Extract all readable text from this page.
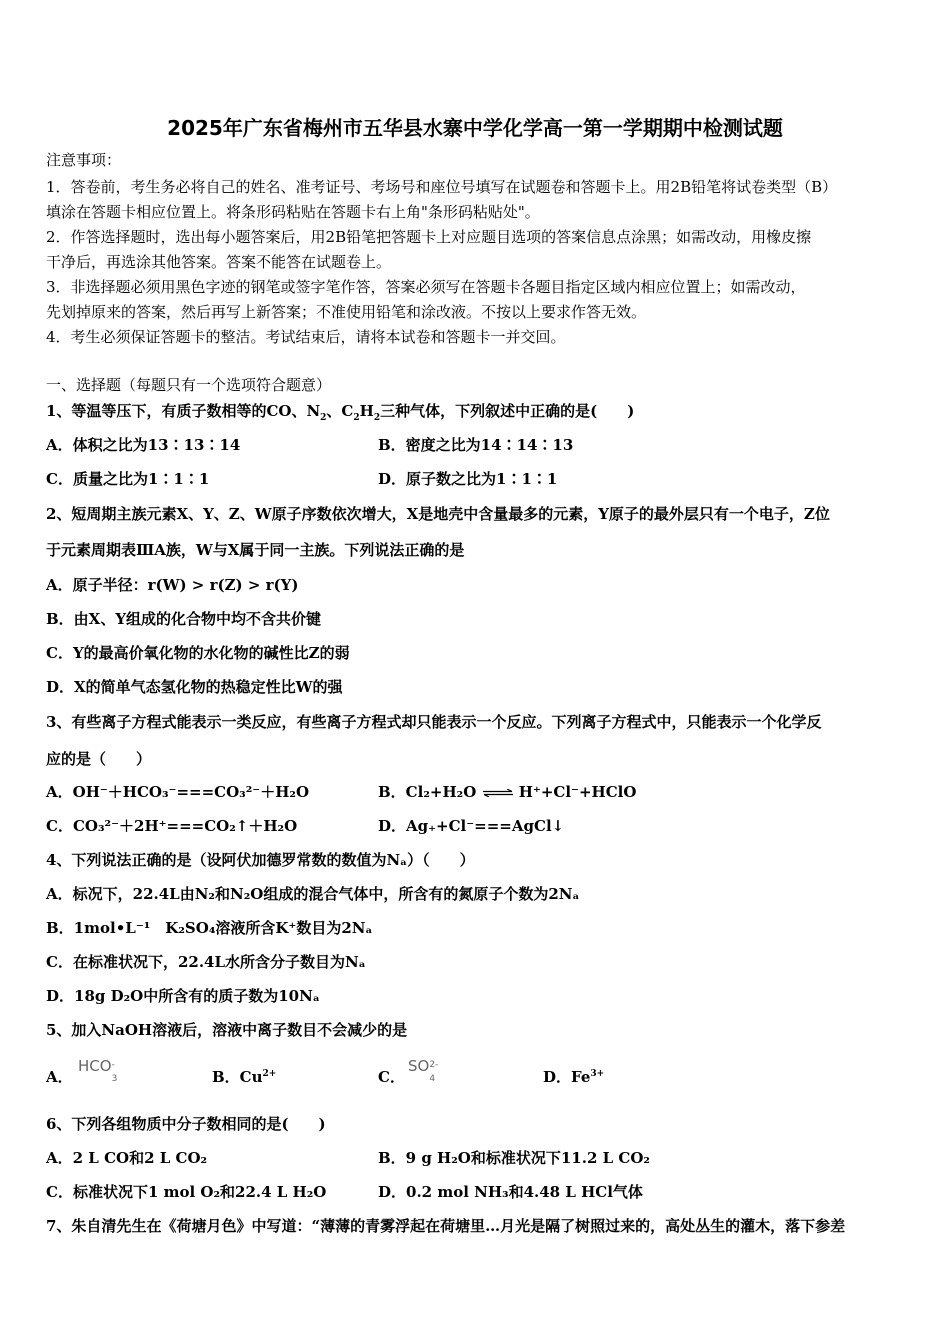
2025年广东省梅州市五华县水寨中学化学高一第一学期期中检测试题
注意事项：
1．答卷前，考生务必将自己的姓名、准考证号、考场号和座位号填写在试题卷和答题卡上。用2B铅笔将试卷类型（B）
填涂在答题卡相应位置上。将条形码粘贴在答题卡右上角"条形码粘贴处"。
2．作答选择题时，选出每小题答案后，用2B铅笔把答题卡上对应题目选项的答案信息点涂黑；如需改动，用橡皮擦
干净后，再选涂其他答案。答案不能答在试题卷上。
3．非选择题必须用黑色字迹的钢笔或签字笔作答，答案必须写在答题卡各题目指定区域内相应位置上；如需改动，
先划掉原来的答案，然后再写上新答案；不准使用铅笔和涂改液。不按以上要求作答无效。
4．考生必须保证答题卡的整洁。考试结束后，请将本试卷和答题卡一并交回。
一、选择题（每题只有一个选项符合题意）
1、等温等压下，有质子数相等的CO、$N_2$、$C_2H_2$三种气体，下列叙述中正确的是(　　)
A．体积之比为13∶13∶14	B．密度之比为14∶14∶13
C．质量之比为1∶1∶1	D．原子数之比为1∶1∶1
2、短周期主族元素X、Y、Z、W原子序数依次增大，X是地壳中含量最多的元素，Y原子的最外层只有一个电子，Z位
于元素周期表ⅢA族，W与X属于同一主族。下列说法正确的是
A．原子半径：r(W) > r(Z) > r(Y)
B．由X、Y组成的化合物中均不含共价键
C．Y的最高价氧化物的水化物的碱性比Z的弱
D．X的简单气态氢化物的热稳定性比W的强
3、有些离子方程式能表示一类反应，有些离子方程式却只能表示一个反应。下列离子方程式中，只能表示一个化学反
应的是（　　）
A．OH⁻＋HCO₃⁻===CO₃²⁻＋H₂O	B．Cl₂+H₂O ⇌ H⁺+Cl⁻+HClO
C．CO₃²⁻＋2H⁺===CO₂↑＋H₂O	D．Ag₊+Cl⁻===AgCl↓
4、下列说法正确的是（设阿伏加德罗常数的数值为Nₐ）（　　）
A．标况下，22.4L由N₂和N₂O组成的混合气体中，所含有的氮原子个数为2Nₐ
B．1mol•L⁻¹　K₂SO₄溶液所含K⁺数目为2Nₐ
C．在标准状况下，22.4L水所含分子数目为Nₐ
D．18g D₂O中所含有的质子数为10Nₐ
5、加入NaOH溶液后，溶液中离子数目不会减少的是
A．
HCO -
3	B．$Cu^{2+}$	C．
SO 2-
4	D．$Fe^{3+}$
6、下列各组物质中分子数相同的是(　　)
A．2 L CO和2 L CO₂	B．9 g H₂O和标准状况下11.2 L CO₂
C．标准状况下1 mol O₂和22.4 L H₂O	D．0.2 mol NH₃和4.48 L HCl气体
7、朱自清先生在《荷塘月色》中写道：“薄薄的青雾浮起在荷塘里…月光是隔了树照过来的，高处丛生的灌木，落下参差
